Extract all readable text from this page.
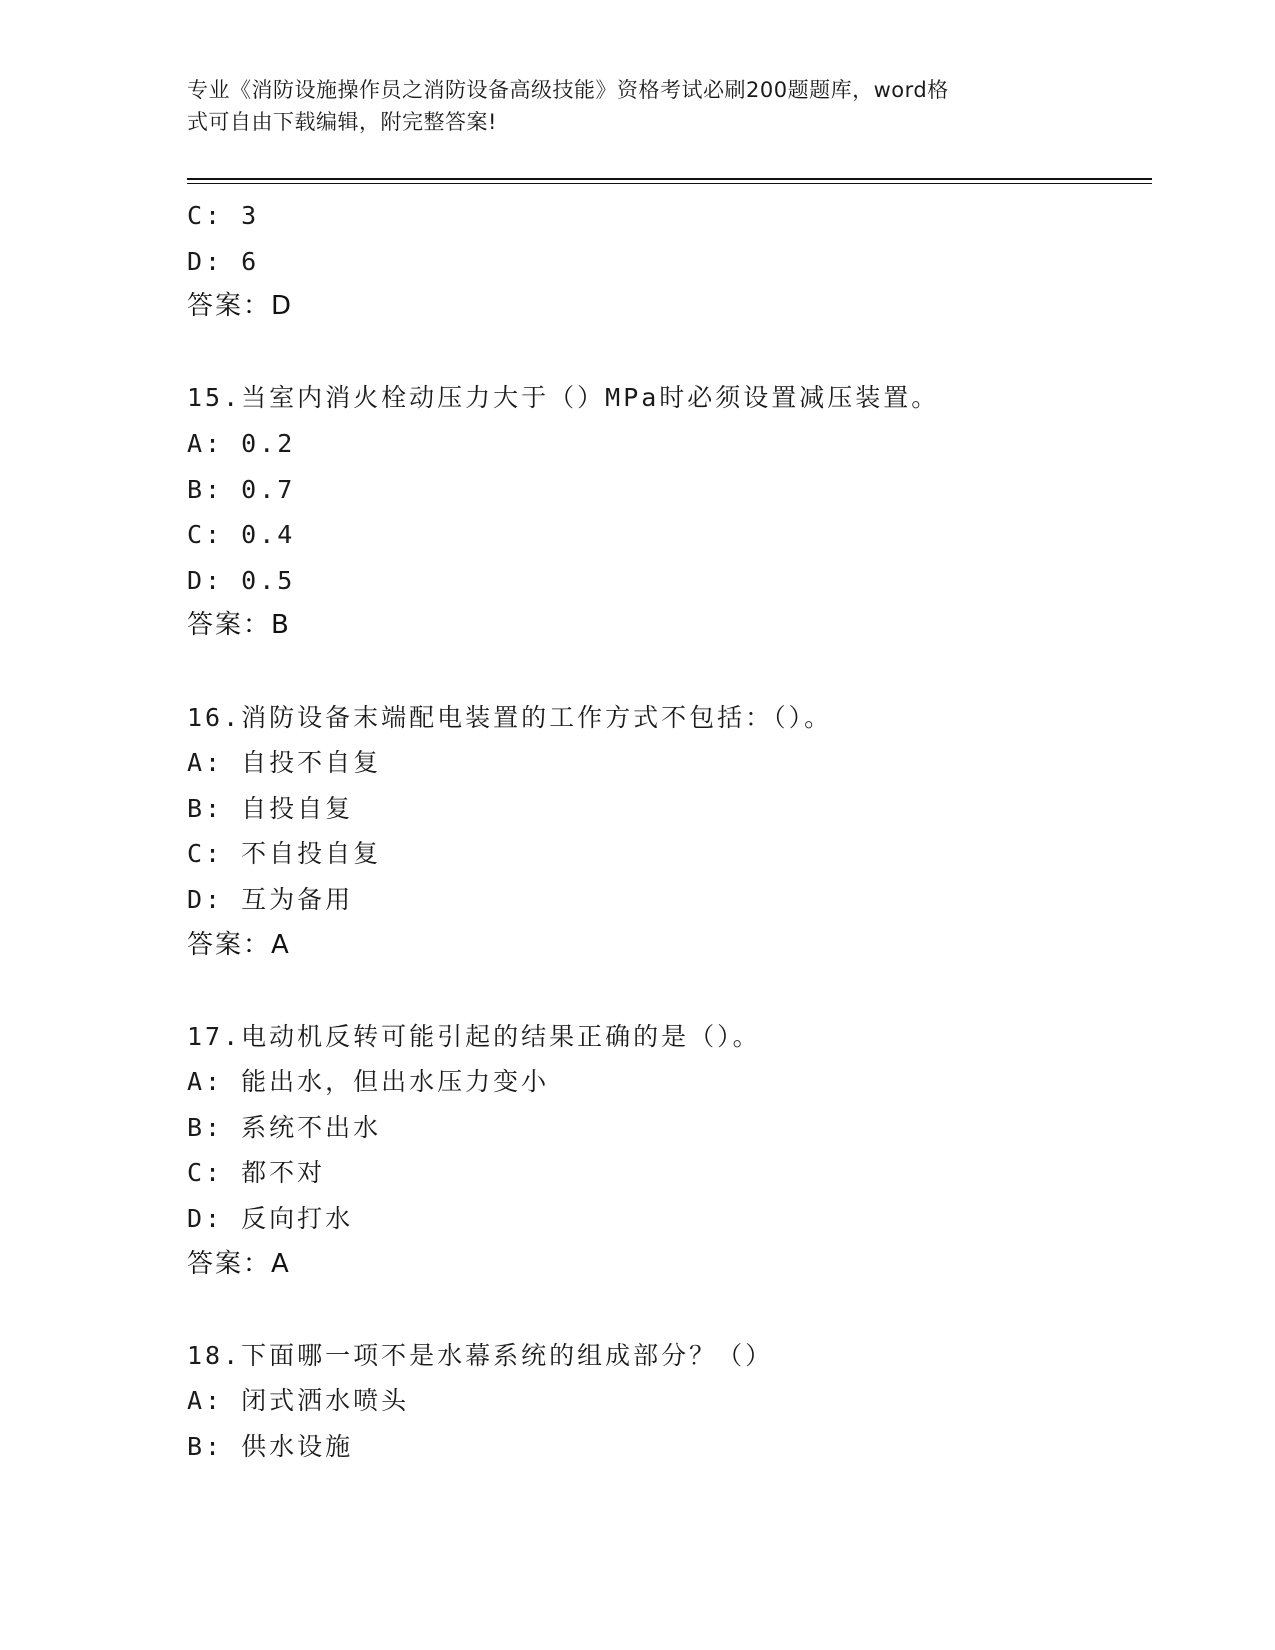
专业《消防设施操作员之消防设备高级技能》资格考试必刷200题题库，word格
式可自由下载编辑，附完整答案!
C: 3
D: 6
答案：D
15.当室内消火栓动压力大于（）MPa时必须设置减压装置。
A: 0.2
B: 0.7
C: 0.4
D: 0.5
答案：B
16.消防设备末端配电装置的工作方式不包括：（）。
A: 自投不自复
B: 自投自复
C: 不自投自复
D: 互为备用
答案：A
17.电动机反转可能引起的结果正确的是（）。
A: 能出水，但出水压力变小
B: 系统不出水
C: 都不对
D: 反向打水
答案：A
18.下面哪一项不是水幕系统的组成部分？（）
A: 闭式洒水喷头
B: 供水设施
